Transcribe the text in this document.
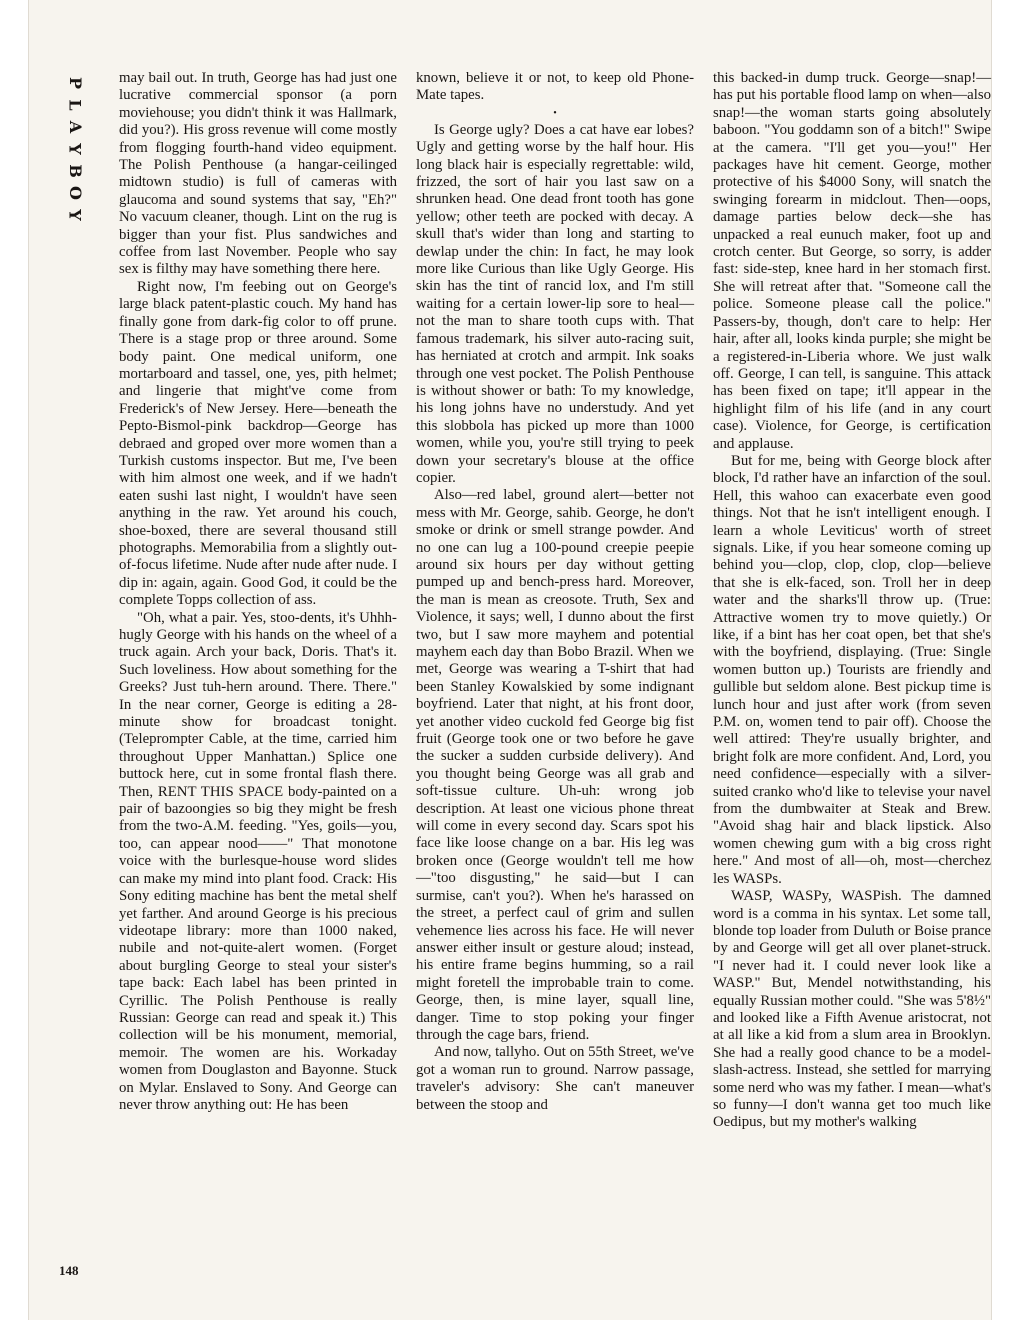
P
L
A
Y
B
O
Y
148

may bail out. In truth, George has had just one lucrative commercial sponsor (a porn moviehouse; you didn't think it was Hallmark, did you?). His gross revenue will come mostly from flogging fourth-hand video equipment. The Polish Penthouse (a hangar-ceilinged midtown studio) is full of cameras with glaucoma and sound systems that say, "Eh?" No vacuum cleaner, though. Lint on the rug is bigger than your fist. Plus sandwiches and coffee from last November. People who say sex is filthy may have something there here.

Right now, I'm feebing out on George's large black patent-plastic couch. My hand has finally gone from dark-fig color to off prune. There is a stage prop or three around. Some body paint. One medical uniform, one mortarboard and tassel, one, yes, pith helmet; and lingerie that might've come from Frederick's of New Jersey. Here—beneath the Pepto-Bismol-pink backdrop—George has debraed and groped over more women than a Turkish customs inspector. But me, I've been with him almost one week, and if we hadn't eaten sushi last night, I wouldn't have seen anything in the raw. Yet around his couch, shoe-boxed, there are several thousand still photographs. Memorabilia from a slightly out-of-focus lifetime. Nude after nude after nude. I dip in: again, again. Good God, it could be the complete Topps collection of ass.

"Oh, what a pair. Yes, stoo-dents, it's Uhhh-hugly George with his hands on the wheel of a truck again. Arch your back, Doris. That's it. Such loveliness. How about something for the Greeks? Just tuh-hern around. There. There." In the near corner, George is editing a 28-minute show for broadcast tonight. (Teleprompter Cable, at the time, carried him throughout Upper Manhattan.) Splice one buttock here, cut in some frontal flash there. Then, RENT THIS SPACE body-painted on a pair of bazoongies so big they might be fresh from the two-A.M. feeding. "Yes, goils—you, too, can appear nood——" That monotone voice with the burlesque-house word slides can make my mind into plant food. Crack: His Sony editing machine has bent the metal shelf yet farther. And around George is his precious videotape library: more than 1000 naked, nubile and not-quite-alert women. (Forget about burgling George to steal your sister's tape back: Each label has been printed in Cyrillic. The Polish Penthouse is really Russian: George can read and speak it.) This collection will be his monument, memorial, memoir. The women are his. Workaday women from Douglaston and Bayonne. Stuck on Mylar. Enslaved to Sony. And George can never throw anything out: He has been

known, believe it or not, to keep old Phone-Mate tapes.

•

Is George ugly? Does a cat have ear lobes? Ugly and getting worse by the half hour. His long black hair is especially regrettable: wild, frizzed, the sort of hair you last saw on a shrunken head. One dead front tooth has gone yellow; other teeth are pocked with decay. A skull that's wider than long and starting to dewlap under the chin: In fact, he may look more like Curious than like Ugly George. His skin has the tint of rancid lox, and I'm still waiting for a certain lower-lip sore to heal—not the man to share tooth cups with. That famous trademark, his silver auto-racing suit, has herniated at crotch and armpit. Ink soaks through one vest pocket. The Polish Penthouse is without shower or bath: To my knowledge, his long johns have no understudy. And yet this slobbola has picked up more than 1000 women, while you, you're still trying to peek down your secretary's blouse at the office copier.

Also—red label, ground alert—better not mess with Mr. George, sahib. George, he don't smoke or drink or smell strange powder. And no one can lug a 100-pound creepie peepie around six hours per day without getting pumped up and bench-press hard. Moreover, the man is mean as creosote. Truth, Sex and Violence, it says; well, I dunno about the first two, but I saw more mayhem and potential mayhem each day than Bobo Brazil. When we met, George was wearing a T-shirt that had been Stanley Kowalskied by some indignant boyfriend. Later that night, at his front door, yet another video cuckold fed George big fist fruit (George took one or two before he gave the sucker a sudden curbside delivery). And you thought being George was all grab and soft-tissue culture. Uh-uh: wrong job description. At least one vicious phone threat will come in every second day. Scars spot his face like loose change on a bar. His leg was broken once (George wouldn't tell me how—"too disgusting," he said—but I can surmise, can't you?). When he's harassed on the street, a perfect caul of grim and sullen vehemence lies across his face. He will never answer either insult or gesture aloud; instead, his entire frame begins humming, so a rail might foretell the improbable train to come. George, then, is mine layer, squall line, danger. Time to stop poking your finger through the cage bars, friend.

And now, tallyho. Out on 55th Street, we've got a woman run to ground. Narrow passage, traveler's advisory: She can't maneuver between the stoop and

this backed-in dump truck. George—snap!—has put his portable flood lamp on when—also snap!—the woman starts going absolutely baboon. "You goddamn son of a bitch!" Swipe at the camera. "I'll get you—you!" Her packages have hit cement. George, mother protective of his $4000 Sony, will snatch the swinging forearm in midclout. Then—oops, damage parties below deck—she has unpacked a real eunuch maker, foot up and crotch center. But George, so sorry, is adder fast: side-step, knee hard in her stomach first. She will retreat after that. "Someone call the police. Someone please call the police." Passers-by, though, don't care to help: Her hair, after all, looks kinda purple; she might be a registered-in-Liberia whore. We just walk off. George, I can tell, is sanguine. This attack has been fixed on tape; it'll appear in the highlight film of his life (and in any court case). Violence, for George, is certification and applause.

But for me, being with George block after block, I'd rather have an infarction of the soul. Hell, this wahoo can exacerbate even good things. Not that he isn't intelligent enough. I learn a whole Leviticus' worth of street signals. Like, if you hear someone coming up behind you—clop, clop, clop, clop—believe that she is elk-faced, son. Troll her in deep water and the sharks'll throw up. (True: Attractive women try to move quietly.) Or like, if a bint has her coat open, bet that she's with the boyfriend, displaying. (True: Single women button up.) Tourists are friendly and gullible but seldom alone. Best pickup time is lunch hour and just after work (from seven P.M. on, women tend to pair off). Choose the well attired: They're usually brighter, and bright folk are more confident. And, Lord, you need confidence—especially with a silver-suited cranko who'd like to televise your navel from the dumbwaiter at Steak and Brew. "Avoid shag hair and black lipstick. Also women chewing gum with a big cross right here." And most of all—oh, most—cherchez les WASPs.

WASP, WASPy, WASPish. The damned word is a comma in his syntax. Let some tall, blonde top loader from Duluth or Boise prance by and George will get all over planet-struck. "I never had it. I could never look like a WASP." But, Mendel notwithstanding, his equally Russian mother could. "She was 5'8½" and looked like a Fifth Avenue aristocrat, not at all like a kid from a slum area in Brooklyn. She had a really good chance to be a model-slash-actress. Instead, she settled for marrying some nerd who was my father. I mean—what's so funny—I don't wanna get too much like Oedipus, but my mother's walking
